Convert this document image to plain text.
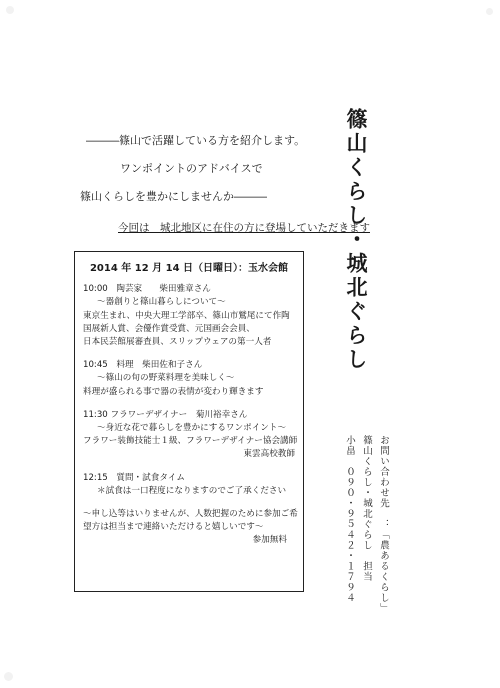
―――篠山で活躍している方を紹介します。
ワンポイントのアドバイスで
篠山くらしを豊かにしませんか―――
今回は　城北地区に在住の方に登場していただきます
2014 年 12 月 14 日（日曜日）：玉水会館
10:00　陶芸家　　柴田雅章さん
～器創りと篠山暮らしについて～
東京生まれ、中央大理工学部卒、篠山市鷲尾にて作陶
国展新人賞、会優作賞受賞、元国画会会員、
日本民芸館展審査員、スリップウェアの第一人者
10:45　料理　柴田佐和子さん
～篠山の旬の野菜料理を美味しく～
料理が盛られる事で器の表情が変わり輝きます
11:30 フラワーデザイナー　菊川裕幸さん
～身近な花で暮らしを豊かにするワンポイント～
フラワー装飾技能士１級、フラワーデザイナー協会講師
東雲高校教師
12:15　質問・試食タイム
＊試食は一口程度になりますのでご了承ください
～申し込等はいりませんが、人数把握のために参加ご希
望方は担当まで連絡いただけると嬉しいです～
参加無料
篠山くらし・城北ぐらし
お問い合わせ先　：「農あるくらし」
篠山くらし・城北ぐらし　担当
小畠　０９０・９５４２・１７９４
